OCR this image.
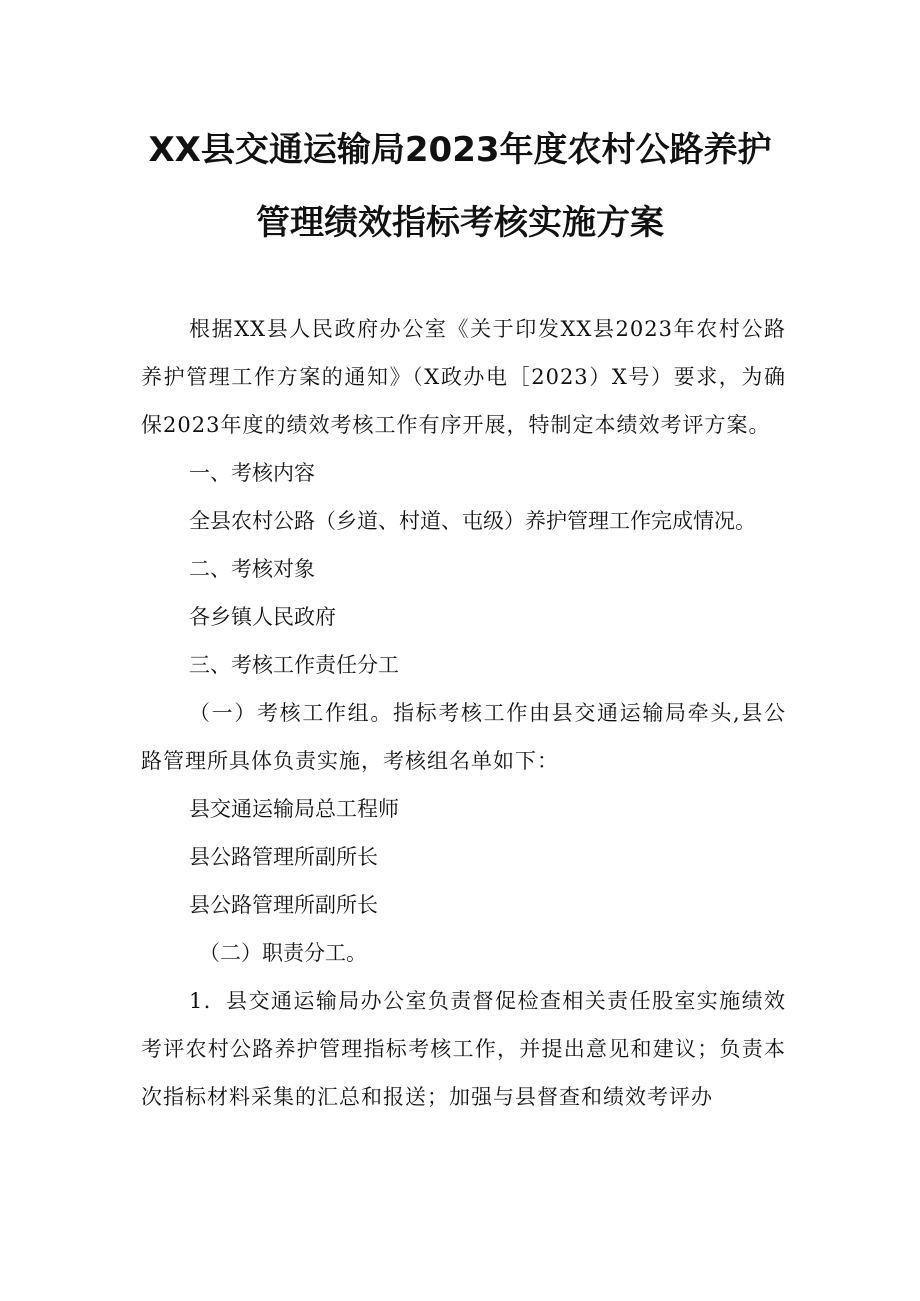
XX县交通运输局2023年度农村公路养护
管理绩效指标考核实施方案

根据XX县人民政府办公室《关于印发XX县2023年农村公路养护管理工作方案的通知》（X政办电［2023）X号）要求，为确保2023年度的绩效考核工作有序开展，特制定本绩效考评方案。

一、考核内容

全县农村公路（乡道、村道、屯级）养护管理工作完成情况。

二、考核对象

各乡镇人民政府

三、考核工作责任分工

（一）考核工作组。指标考核工作由县交通运输局牵头,县公路管理所具体负责实施，考核组名单如下：

县交通运输局总工程师

县公路管理所副所长

县公路管理所副所长

（二）职责分工。

1．县交通运输局办公室负责督促检查相关责任股室实施绩效考评农村公路养护管理指标考核工作，并提出意见和建议；负责本次指标材料采集的汇总和报送；加强与县督查和绩效考评办
